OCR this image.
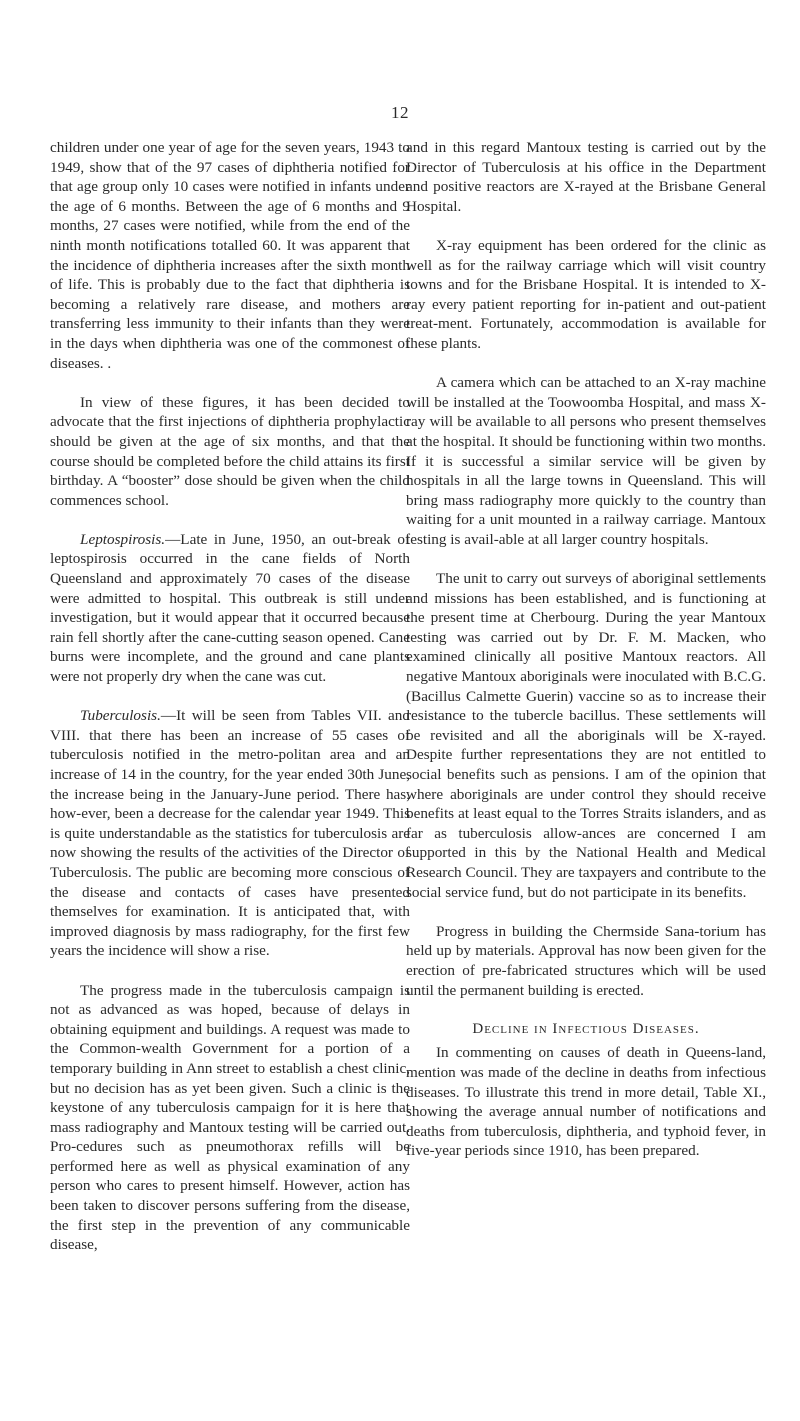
12

children under one year of age for the seven years, 1943 to 1949, show that of the 97 cases of diphtheria notified for that age group only 10 cases were notified in infants under the age of 6 months. Between the age of 6 months and 9 months, 27 cases were notified, while from the end of the ninth month notifications totalled 60. It was apparent that the incidence of diphtheria increases after the sixth month of life. This is probably due to the fact that diphtheria is becoming a relatively rare disease, and mothers are transferring less immunity to their infants than they were in the days when diphtheria was one of the commonest of diseases. .

In view of these figures, it has been decided to advocate that the first injections of diphtheria prophylactic should be given at the age of six months, and that the course should be completed before the child attains its first birthday. A “booster” dose should be given when the child commences school.

Leptospirosis.—Late in June, 1950, an out-break of leptospirosis occurred in the cane fields of North Queensland and approximately 70 cases of the disease were admitted to hospital. This outbreak is still under investigation, but it would appear that it occurred because rain fell shortly after the cane-cutting season opened. Cane burns were incomplete, and the ground and cane plants were not properly dry when the cane was cut.

Tuberculosis.—It will be seen from Tables VII. and VIII. that there has been an increase of 55 cases of tuberculosis notified in the metro-politan area and an increase of 14 in the country, for the year ended 30th June, the increase being in the January-June period. There has, how-ever, been a decrease for the calendar year 1949. This is quite understandable as the statistics for tuberculosis are now showing the results of the activities of the Director of Tuberculosis. The public are becoming more conscious of the disease and contacts of cases have presented themselves for examination. It is anticipated that, with improved diagnosis by mass radiography, for the first few years the incidence will show a rise.

The progress made in the tuberculosis campaign is not as advanced as was hoped, because of delays in obtaining equipment and buildings. A request was made to the Common-wealth Government for a portion of a temporary building in Ann street to establish a chest clinic, but no decision has as yet been given. Such a clinic is the keystone of any tuberculosis campaign for it is here that mass radiography and Mantoux testing will be carried out. Pro-cedures such as pneumothorax refills will be performed here as well as physical examination of any person who cares to present himself. However, action has been taken to discover persons suffering from the disease, the first step in the prevention of any communicable disease,

and in this regard Mantoux testing is carried out by the Director of Tuberculosis at his office in the Department and positive reactors are X-rayed at the Brisbane General Hospital.

X-ray equipment has been ordered for the clinic as well as for the railway carriage which will visit country towns and for the Brisbane Hospital. It is intended to X-ray every patient reporting for in-patient and out-patient treat-ment. Fortunately, accommodation is available for these plants.

A camera which can be attached to an X-ray machine will be installed at the Toowoomba Hospital, and mass X-ray will be available to all persons who present themselves at the hospital. It should be functioning within two months. If it is successful a similar service will be given by hospitals in all the large towns in Queensland. This will bring mass radiography more quickly to the country than waiting for a unit mounted in a railway carriage. Mantoux testing is avail-able at all larger country hospitals.

The unit to carry out surveys of aboriginal settlements and missions has been established, and is functioning at the present time at Cherbourg. During the year Mantoux testing was carried out by Dr. F. M. Macken, who examined clinically all positive Mantoux reactors. All negative Mantoux aboriginals were inoculated with B.C.G. (Bacillus Calmette Guerin) vaccine so as to increase their resistance to the tubercle bacillus. These settlements will be revisited and all the aboriginals will be X-rayed. Despite further representations they are not entitled to social benefits such as pensions. I am of the opinion that where aboriginals are under control they should receive benefits at least equal to the Torres Straits islanders, and as far as tuberculosis allow-ances are concerned I am supported in this by the National Health and Medical Research Council. They are taxpayers and contribute to the social service fund, but do not participate in its benefits.

Progress in building the Chermside Sana-torium has held up by materials. Approval has now been given for the erection of pre-fabricated structures which will be used until the permanent building is erected.

Decline in Infectious Diseases.

In commenting on causes of death in Queens-land, mention was made of the decline in deaths from infectious diseases. To illustrate this trend in more detail, Table XI., showing the average annual number of notifications and deaths from tuberculosis, diphtheria, and typhoid fever, in five-year periods since 1910, has been prepared.
